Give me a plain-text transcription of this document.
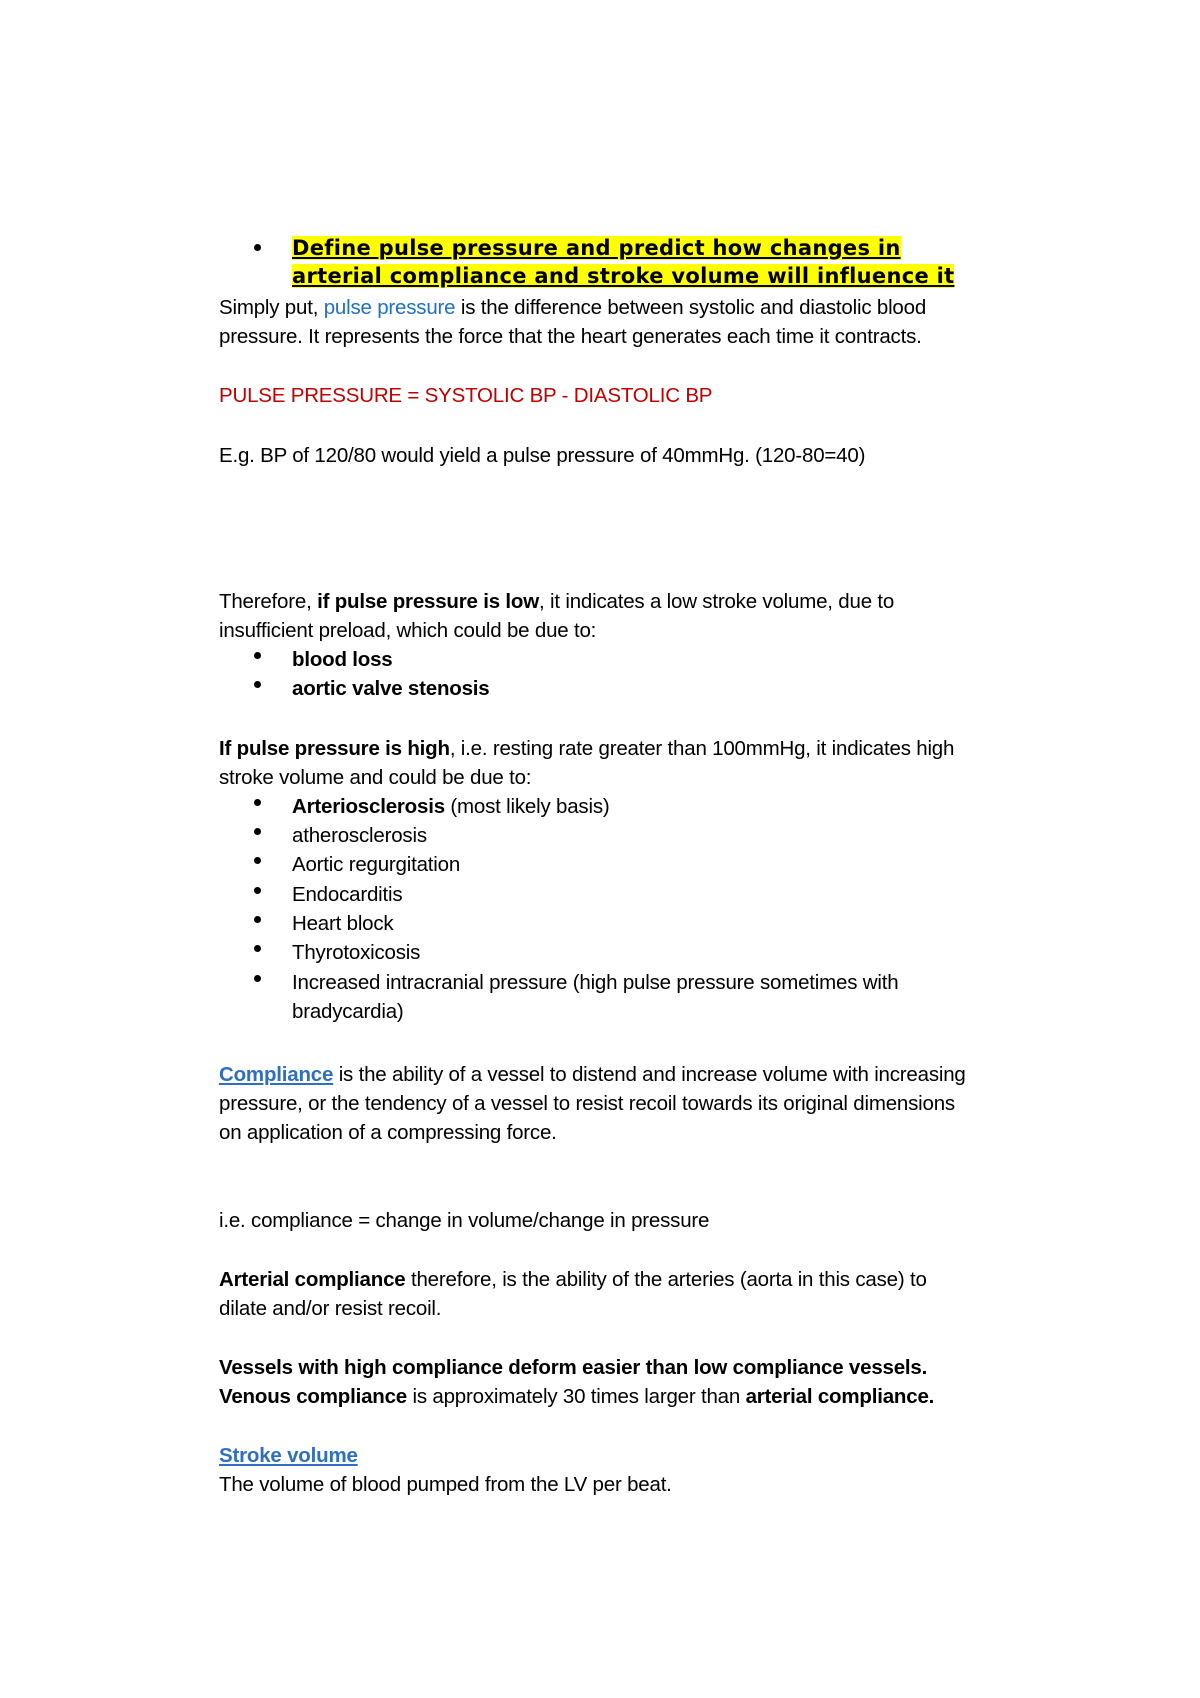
Define pulse pressure and predict how changes in
arterial compliance and stroke volume will influence it
Simply put, pulse pressure is the difference between systolic and diastolic blood
pressure. It represents the force that the heart generates each time it contracts.
PULSE PRESSURE = SYSTOLIC BP - DIASTOLIC BP
E.g. BP of 120/80 would yield a pulse pressure of 40mmHg. (120-80=40)
Therefore, if pulse pressure is low, it indicates a low stroke volume, due to
insufficient preload, which could be due to:
blood loss
aortic valve stenosis
If pulse pressure is high, i.e. resting rate greater than 100mmHg, it indicates high
stroke volume and could be due to:
Arteriosclerosis (most likely basis)
atherosclerosis
Aortic regurgitation
Endocarditis
Heart block
Thyrotoxicosis
Increased intracranial pressure (high pulse pressure sometimes with
bradycardia)
Compliance is the ability of a vessel to distend and increase volume with increasing
pressure, or the tendency of a vessel to resist recoil towards its original dimensions
on application of a compressing force.
i.e. compliance = change in volume/change in pressure
Arterial compliance therefore, is the ability of the arteries (aorta in this case) to
dilate and/or resist recoil.
Vessels with high compliance deform easier than low compliance vessels.
Venous compliance is approximately 30 times larger than arterial compliance.
Stroke volume
The volume of blood pumped from the LV per beat.
